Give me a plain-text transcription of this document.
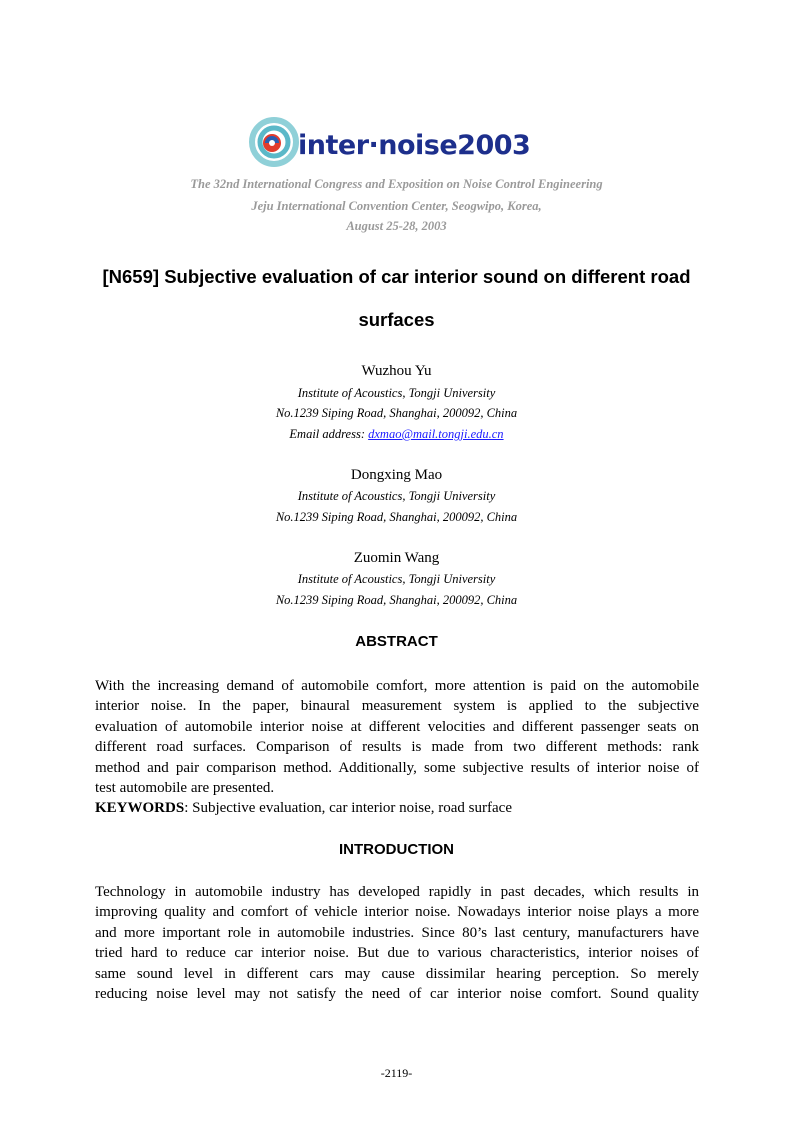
inter·noise2003
The 32nd International Congress and Exposition on Noise Control Engineering
Jeju International Convention Center, Seogwipo, Korea,
August 25-28, 2003
[N659] Subjective evaluation of car interior sound on different road
surfaces
Wuzhou Yu
Institute of Acoustics, Tongji University
No.1239 Siping Road, Shanghai, 200092, China
Email address: dxmao@mail.tongji.edu.cn
Dongxing Mao
Institute of Acoustics, Tongji University
No.1239 Siping Road, Shanghai, 200092, China
Zuomin Wang
Institute of Acoustics, Tongji University
No.1239 Siping Road, Shanghai, 200092, China
ABSTRACT
With the increasing demand of automobile comfort, more attention is paid on the automobile
interior noise. In the paper, binaural measurement system is applied to the subjective
evaluation of automobile interior noise at different velocities and different passenger seats on
different road surfaces. Comparison of results is made from two different methods: rank
method and pair comparison method. Additionally, some subjective results of interior noise of
test automobile are presented.
KEYWORDS: Subjective evaluation, car interior noise, road surface
INTRODUCTION
Technology in automobile industry has developed rapidly in past decades, which results in
improving quality and comfort of vehicle interior noise. Nowadays interior noise plays a more
and more important role in automobile industries. Since 80’s last century, manufacturers have
tried hard to reduce car interior noise. But due to various characteristics, interior noises of
same sound level in different cars may cause dissimilar hearing perception. So merely
reducing noise level may not satisfy the need of car interior noise comfort. Sound quality
-2119-
